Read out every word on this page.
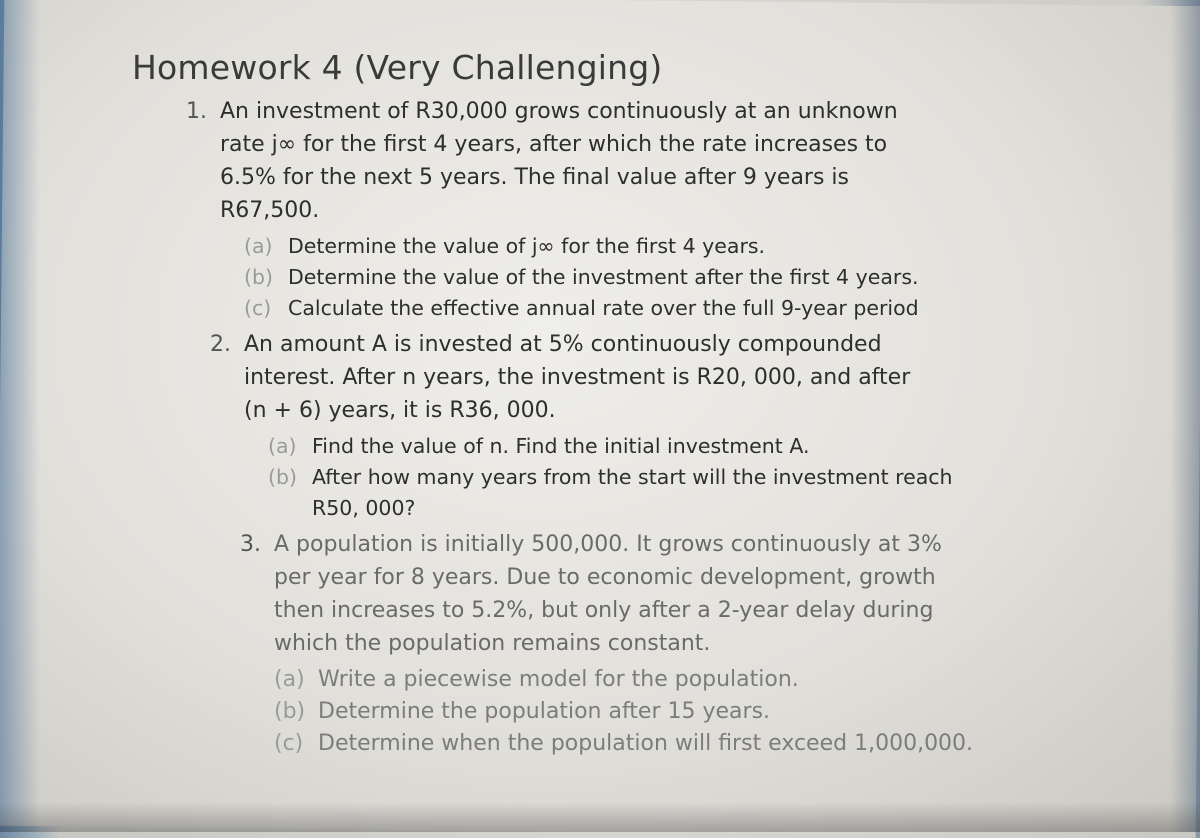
Homework 4 (Very Challenging)
1. An investment of R30,000 grows continuously at an unknown
rate j∞ for the first 4 years, after which the rate increases to
6.5% for the next 5 years. The final value after 9 years is
R67,500.
(a) Determine the value of j∞ for the first 4 years.
(b) Determine the value of the investment after the first 4 years.
(c) Calculate the effective annual rate over the full 9-year period
2. An amount A is invested at 5% continuously compounded
interest. After n years, the investment is R20, 000, and after
(n + 6) years, it is R36, 000.
(a) Find the value of n. Find the initial investment A.
(b) After how many years from the start will the investment reach
R50, 000?
3. A population is initially 500,000. It grows continuously at 3%
per year for 8 years. Due to economic development, growth
then increases to 5.2%, but only after a 2-year delay during
which the population remains constant.
(a) Write a piecewise model for the population.
(b) Determine the population after 15 years.
(c) Determine when the population will first exceed 1,000,000.
